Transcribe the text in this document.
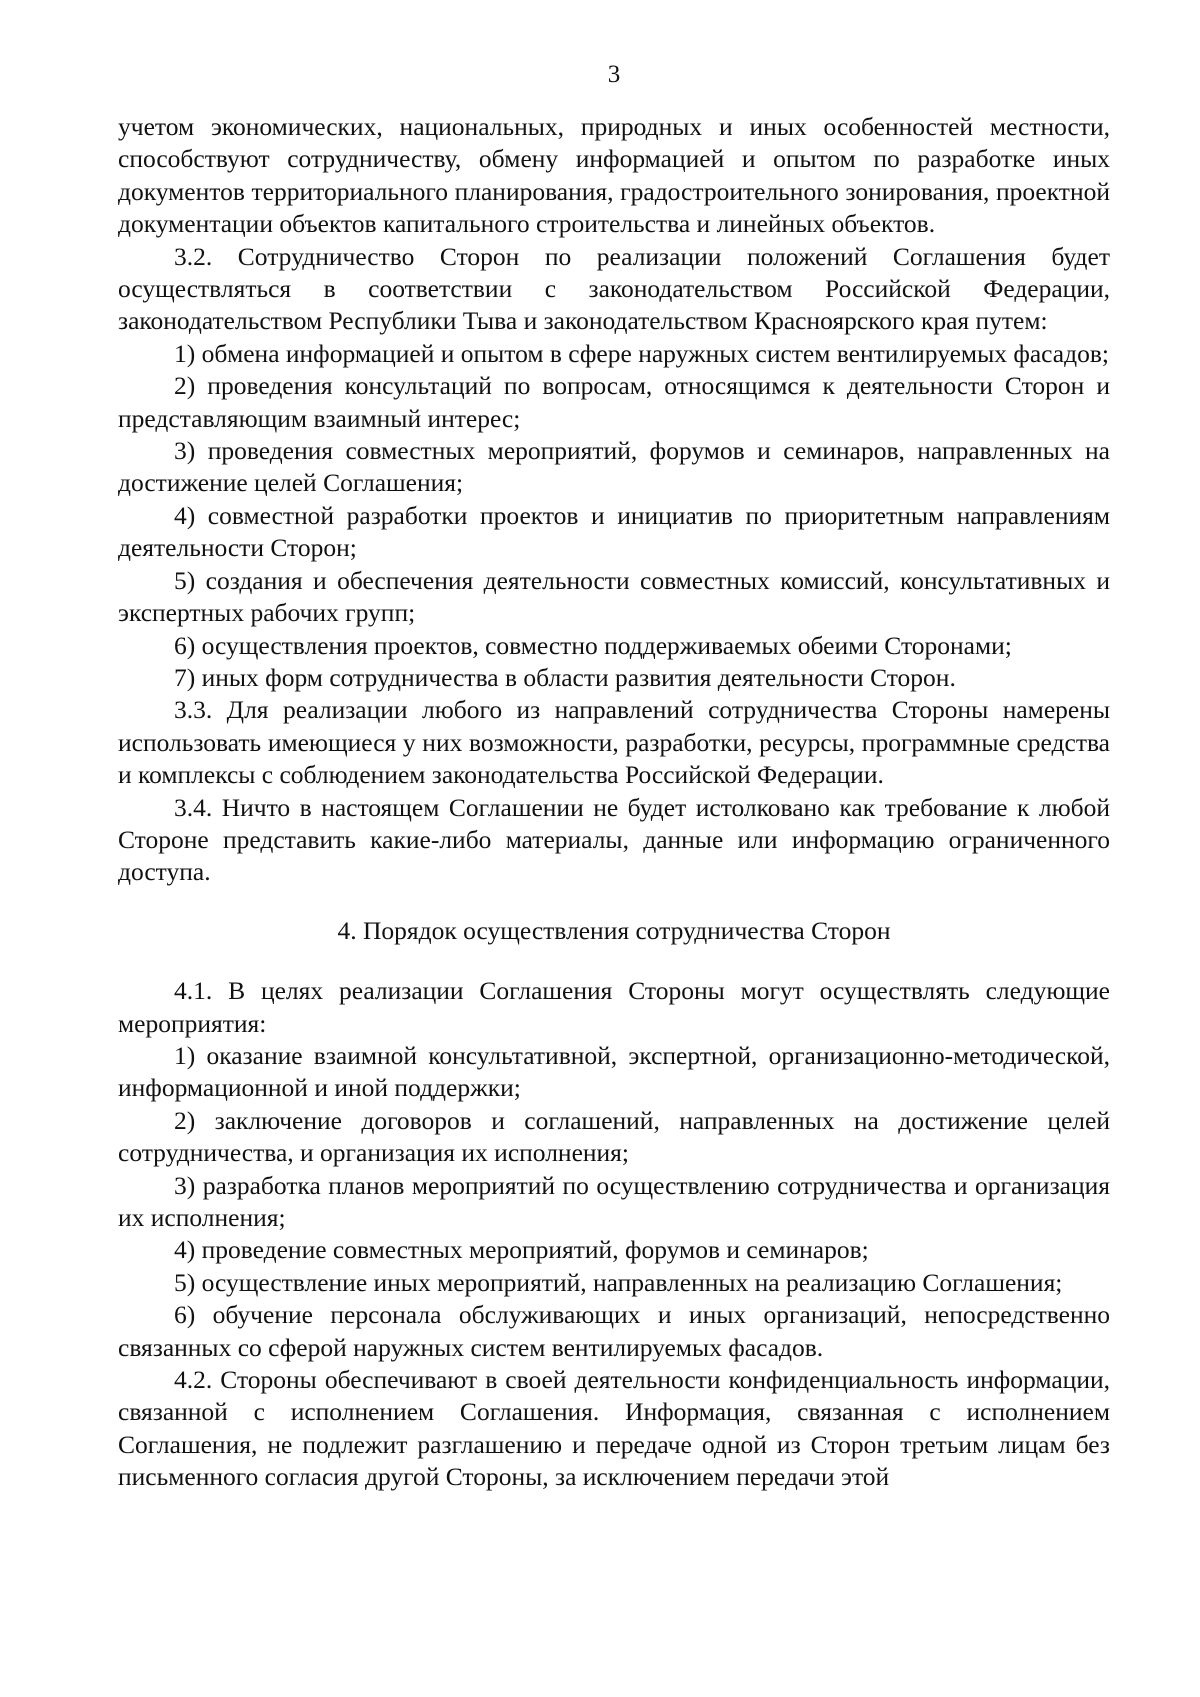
3

учетом экономических, национальных, природных и иных особенностей местности, способствуют сотрудничеству, обмену информацией и опытом по разработке иных документов территориального планирования, градостроительного зонирования, проектной документации объектов капитального строительства и линейных объектов.

3.2. Сотрудничество Сторон по реализации положений Соглашения будет осуществляться в соответствии с законодательством Российской Федерации, законодательством Республики Тыва и законодательством Красноярского края путем:

1) обмена информацией и опытом в сфере наружных систем вентилируемых фасадов;

2) проведения консультаций по вопросам, относящимся к деятельности Сторон и представляющим взаимный интерес;

3) проведения совместных мероприятий, форумов и семинаров, направленных на достижение целей Соглашения;

4) совместной разработки проектов и инициатив по приоритетным направлениям деятельности Сторон;

5) создания и обеспечения деятельности совместных комиссий, консультативных и экспертных рабочих групп;

6) осуществления проектов, совместно поддерживаемых обеими Сторонами;

7) иных форм сотрудничества в области развития деятельности Сторон.

3.3. Для реализации любого из направлений сотрудничества Стороны намерены использовать имеющиеся у них возможности, разработки, ресурсы, программные средства и комплексы с соблюдением законодательства Российской Федерации.

3.4. Ничто в настоящем Соглашении не будет истолковано как требование к любой Стороне представить какие-либо материалы, данные или информацию ограниченного доступа.

4. Порядок осуществления сотрудничества Сторон

4.1. В целях реализации Соглашения Стороны могут осуществлять следующие мероприятия:

1) оказание взаимной консультативной, экспертной, организационно-методической, информационной и иной поддержки;

2) заключение договоров и соглашений, направленных на достижение целей сотрудничества, и организация их исполнения;

3) разработка планов мероприятий по осуществлению сотрудничества и организация их исполнения;

4) проведение совместных мероприятий, форумов и семинаров;

5) осуществление иных мероприятий, направленных на реализацию Соглашения;

6) обучение персонала обслуживающих и иных организаций, непосредственно связанных со сферой наружных систем вентилируемых фасадов.

4.2. Стороны обеспечивают в своей деятельности конфиденциальность информации, связанной с исполнением Соглашения. Информация, связанная с исполнением Соглашения, не подлежит разглашению и передаче одной из Сторон третьим лицам без письменного согласия другой Стороны, за исключением передачи этой
